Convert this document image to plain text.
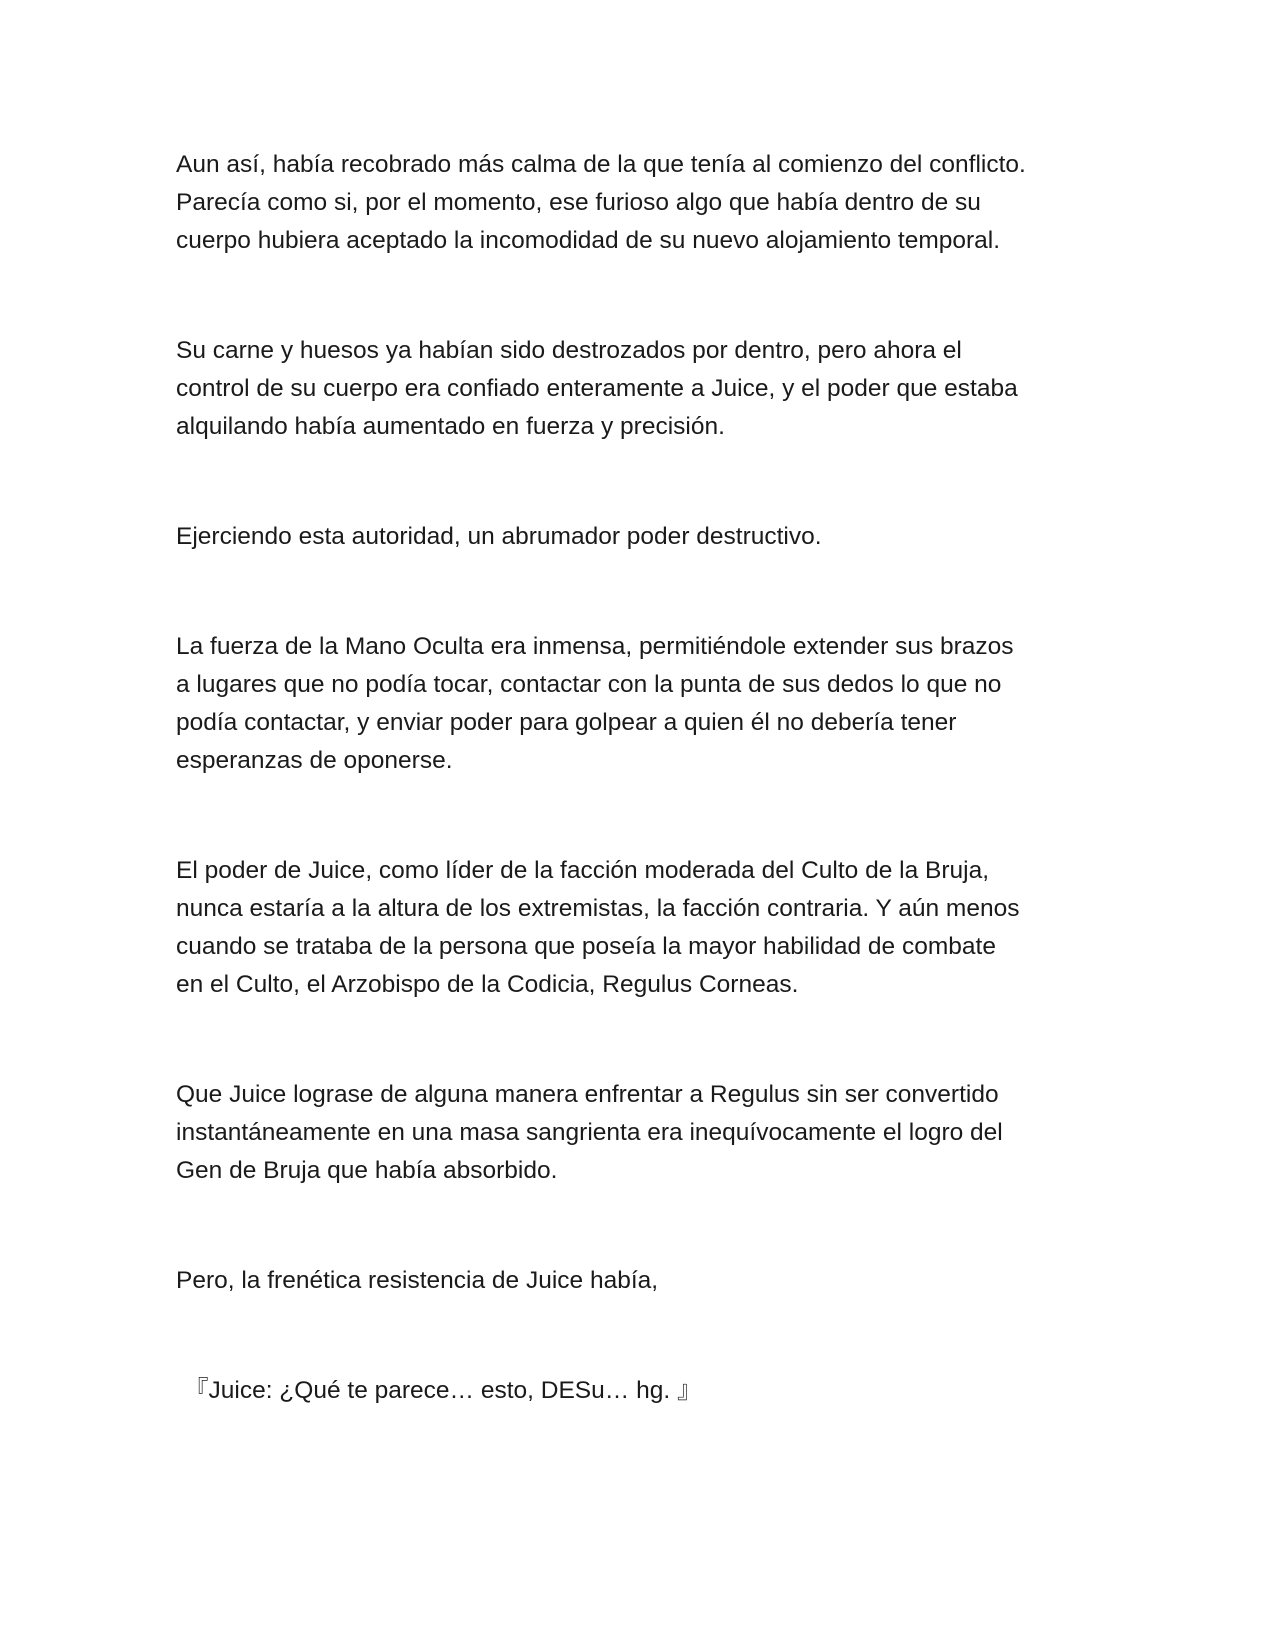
Aun así, había recobrado más calma de la que tenía al comienzo del conflicto.
Parecía como si, por el momento, ese furioso algo que había dentro de su
cuerpo hubiera aceptado la incomodidad de su nuevo alojamiento temporal.

Su carne y huesos ya habían sido destrozados por dentro, pero ahora el
control de su cuerpo era confiado enteramente a Juice, y el poder que estaba
alquilando había aumentado en fuerza y precisión.

Ejerciendo esta autoridad, un abrumador poder destructivo.

La fuerza de la Mano Oculta era inmensa, permitiéndole extender sus brazos
a lugares que no podía tocar, contactar con la punta de sus dedos lo que no
podía contactar, y enviar poder para golpear a quien él no debería tener
esperanzas de oponerse.

El poder de Juice, como líder de la facción moderada del Culto de la Bruja,
nunca estaría a la altura de los extremistas, la facción contraria. Y aún menos
cuando se trataba de la persona que poseía la mayor habilidad de combate
en el Culto, el Arzobispo de la Codicia, Regulus Corneas.

Que Juice lograse de alguna manera enfrentar a Regulus sin ser convertido
instantáneamente en una masa sangrienta era inequívocamente el logro del
Gen de Bruja que había absorbido.

Pero, la frenética resistencia de Juice había,

『Juice: ¿Qué te parece… esto, DESu… hg. 』
